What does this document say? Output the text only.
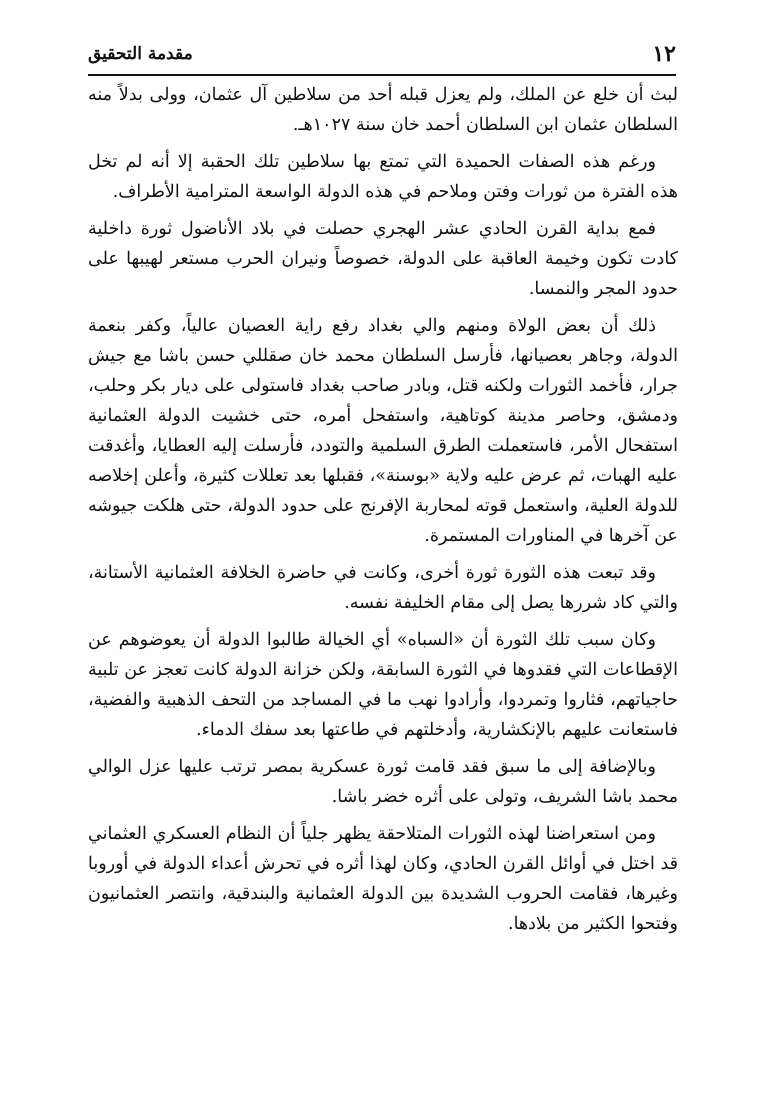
١٢
مقدمة التحقيق

لبث أن خلع عن الملك، ولم يعزل قبله أحد من سلاطين آل عثمان، وولى بدلاً منه السلطان عثمان ابن السلطان أحمد خان سنة ١٠٢٧هـ.

ورغم هذه الصفات الحميدة التي تمتع بها سلاطين تلك الحقبة إلا أنه لم تخل هذه الفترة من ثورات وفتن وملاحم في هذه الدولة الواسعة المترامية الأطراف.

فمع بداية القرن الحادي عشر الهجري حصلت في بلاد الأناضول ثورة داخلية كادت تكون وخيمة العاقبة على الدولة، خصوصاً ونيران الحرب مستعر لهيبها على حدود المجر والنمسا.

ذلك أن بعض الولاة ومنهم والي بغداد رفع راية العصيان عالياً، وكفر بنعمة الدولة، وجاهر بعصيانها، فأرسل السلطان محمد خان صقللي حسن باشا مع جيش جرار، فأخمد الثورات ولكنه قتل، وبادر صاحب بغداد فاستولى على ديار بكر وحلب، ودمشق، وحاصر مدينة كوتاهية، واستفحل أمره، حتى خشيت الدولة العثمانية استفحال الأمر، فاستعملت الطرق السلمية والتودد، فأرسلت إليه العطايا، وأغدقت عليه الهبات، ثم عرض عليه ولاية «بوسنة»، فقبلها بعد تعللات كثيرة، وأعلن إخلاصه للدولة العلية، واستعمل قوته لمحاربة الإفرنج على حدود الدولة، حتى هلكت جيوشه عن آخرها في المناورات المستمرة.

وقد تبعت هذه الثورة ثورة أخرى، وكانت في حاضرة الخلافة العثمانية الأستانة، والتي كاد شررها يصل إلى مقام الخليفة نفسه.

وكان سبب تلك الثورة أن «السباه» أي الخيالة طالبوا الدولة أن يعوضوهم عن الإقطاعات التي فقدوها في الثورة السابقة، ولكن خزانة الدولة كانت تعجز عن تلبية حاجياتهم، فثاروا وتمردوا، وأرادوا نهب ما في المساجد من التحف الذهبية والفضية، فاستعانت عليهم بالإنكشارية، وأدخلتهم في طاعتها بعد سفك الدماء.

وبالإضافة إلى ما سبق فقد قامت ثورة عسكرية بمصر ترتب عليها عزل الوالي محمد باشا الشريف، وتولى على أثره خضر باشا.

ومن استعراضنا لهذه الثورات المتلاحقة يظهر جلياً أن النظام العسكري العثماني قد اختل في أوائل القرن الحادي، وكان لهذا أثره في تحرش أعداء الدولة في أوروبا وغيرها، فقامت الحروب الشديدة بين الدولة العثمانية والبندقية، وانتصر العثمانيون وفتحوا الكثير من بلادها.
